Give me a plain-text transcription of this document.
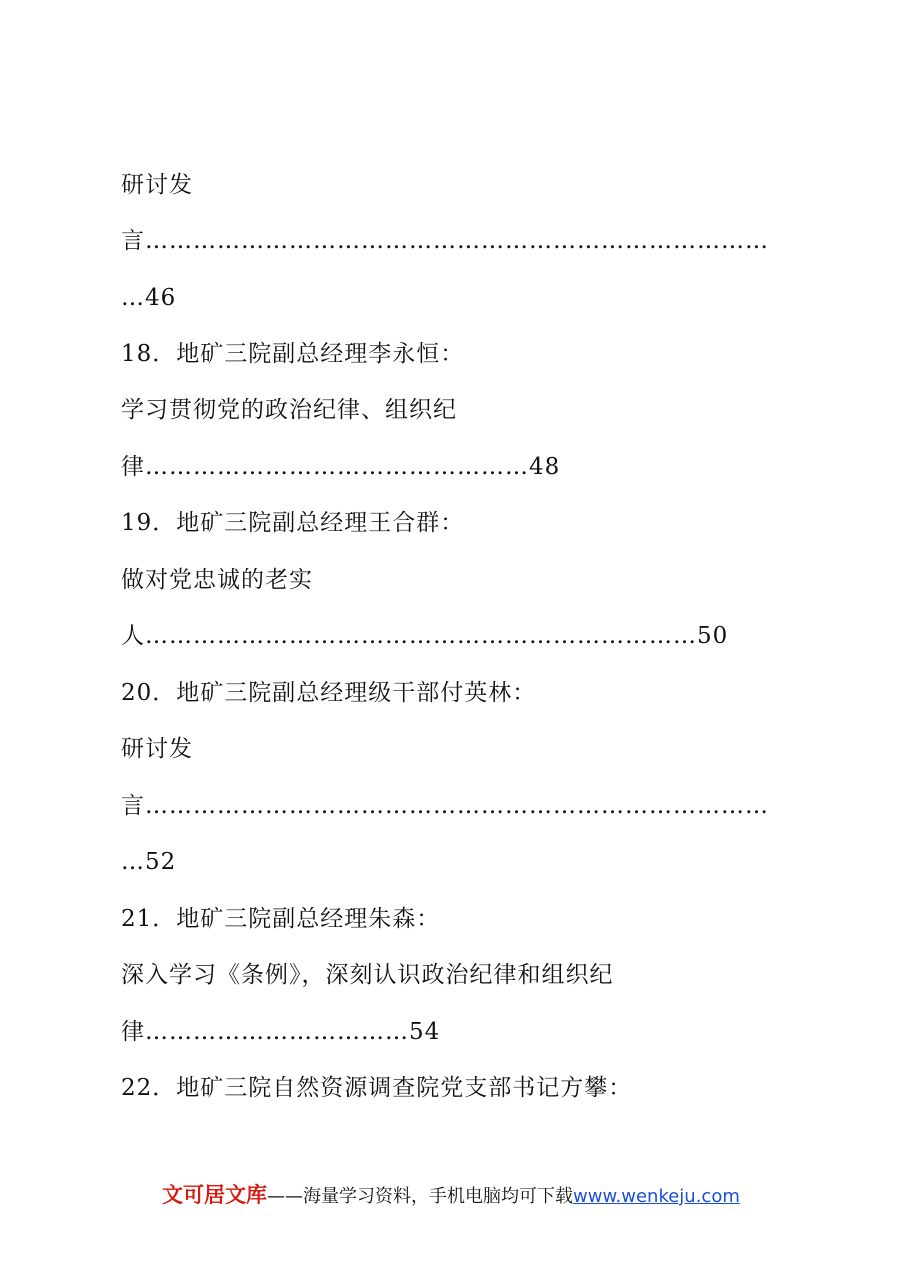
研讨发
言……………………………………………………………………
…46
18．地矿三院副总经理李永恒：
学习贯彻党的政治纪律、组织纪
律…………………………………………48
19．地矿三院副总经理王合群：
做对党忠诚的老实
人……………………………………………………………50
20．地矿三院副总经理级干部付英林：
研讨发
言……………………………………………………………………
…52
21．地矿三院副总经理朱森：
深入学习《条例》，深刻认识政治纪律和组织纪
律……………………………54
22．地矿三院自然资源调查院党支部书记方攀：
文可居文库——海量学习资料，手机电脑均可下载www.wenkeju.com
